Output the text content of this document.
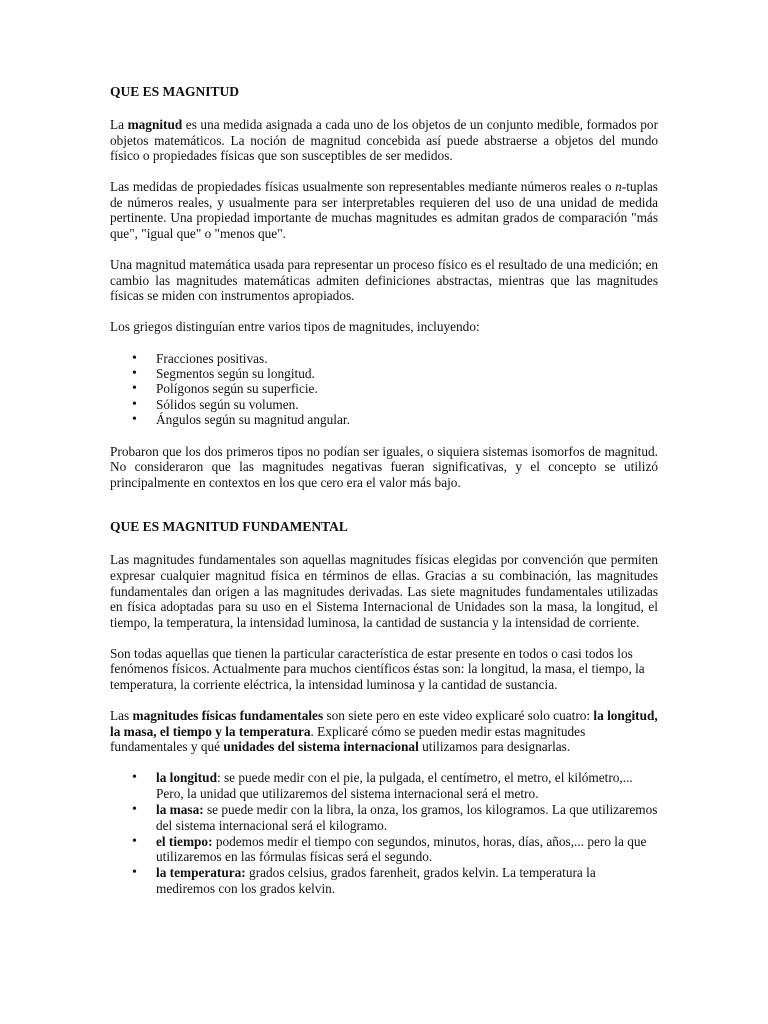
QUE ES MAGNITUD

La magnitud es una medida asignada a cada uno de los objetos de un conjunto medible, formados por objetos matemáticos. La noción de magnitud concebida así puede abstraerse a objetos del mundo físico o propiedades físicas que son susceptibles de ser medidos.

Las medidas de propiedades físicas usualmente son representables mediante números reales o n-tuplas de números reales, y usualmente para ser interpretables requieren del uso de una unidad de medida pertinente. Una propiedad importante de muchas magnitudes es admitan grados de comparación "más que", "igual que" o "menos que".

Una magnitud matemática usada para representar un proceso físico es el resultado de una medición; en cambio las magnitudes matemáticas admiten definiciones abstractas, mientras que las magnitudes físicas se miden con instrumentos apropiados.

Los griegos distinguían entre varios tipos de magnitudes, incluyendo:

• Fracciones positivas.
• Segmentos según su longitud.
• Polígonos según su superficie.
• Sólidos según su volumen.
• Ángulos según su magnitud angular.

Probaron que los dos primeros tipos no podían ser iguales, o siquiera sistemas isomorfos de magnitud. No consideraron que las magnitudes negativas fueran significativas, y el concepto se utilizó principalmente en contextos en los que cero era el valor más bajo.

QUE ES MAGNITUD FUNDAMENTAL

Las magnitudes fundamentales son aquellas magnitudes físicas elegidas por convención que permiten expresar cualquier magnitud física en términos de ellas. Gracias a su combinación, las magnitudes fundamentales dan origen a las magnitudes derivadas. Las siete magnitudes fundamentales utilizadas en física adoptadas para su uso en el Sistema Internacional de Unidades son la masa, la longitud, el tiempo, la temperatura, la intensidad luminosa, la cantidad de sustancia y la intensidad de corriente.

Son todas aquellas que tienen la particular característica de estar presente en todos o casi todos los fenómenos físicos. Actualmente para muchos científicos éstas son: la longitud, la masa, el tiempo, la temperatura, la corriente eléctrica, la intensidad luminosa y la cantidad de sustancia.

Las magnitudes físicas fundamentales son siete pero en este video explicaré solo cuatro: la longitud, la masa, el tiempo y la temperatura. Explicaré cómo se pueden medir estas magnitudes fundamentales y qué unidades del sistema internacional utilizamos para designarlas.

• la longitud: se puede medir con el pie, la pulgada, el centímetro, el metro, el kilómetro,... Pero, la unidad que utilizaremos del sistema internacional será el metro.
• la masa: se puede medir con la libra, la onza, los gramos, los kilogramos. La que utilizaremos del sistema internacional será el kilogramo.
• el tiempo: podemos medir el tiempo con segundos, minutos, horas, días, años,... pero la que utilizaremos en las fórmulas físicas será el segundo.
• la temperatura: grados celsius, grados farenheit, grados kelvin. La temperatura la mediremos con los grados kelvin.
